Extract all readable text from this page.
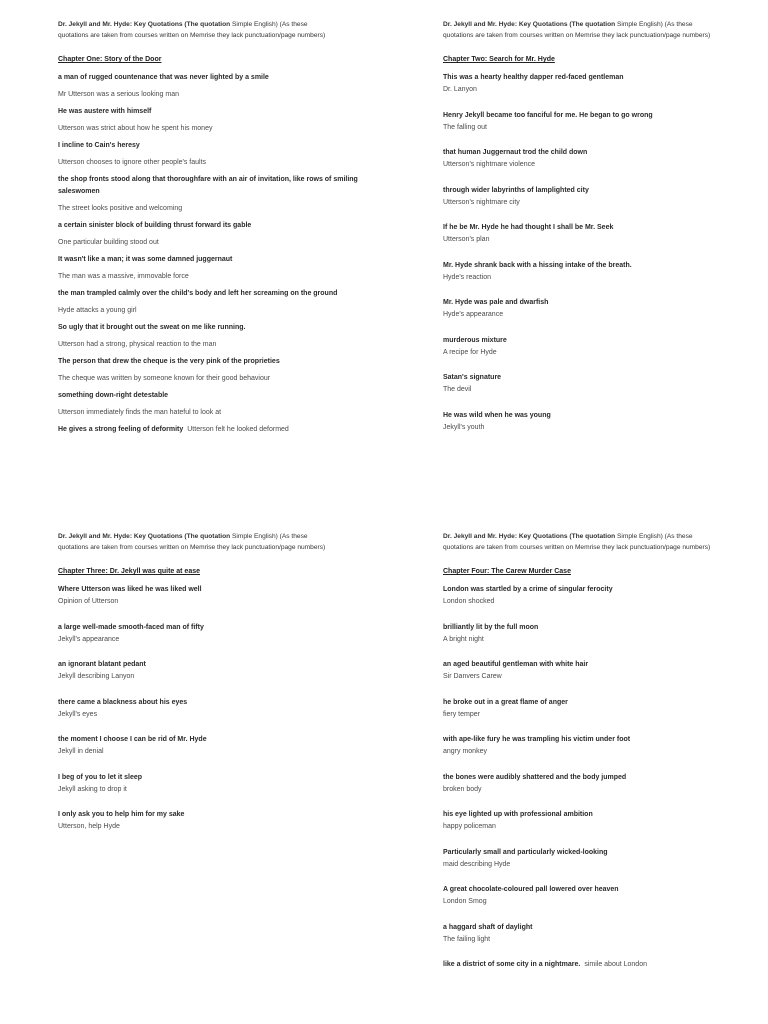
Dr. Jekyll and Mr. Hyde: Key Quotations (The quotation Simple English) (As these
quotations are taken from courses written on Memrise they lack punctuation/page numbers)

Chapter One: Story of the Door
a man of rugged countenance that was never lighted by a smile
Mr Utterson was a serious looking man
He was austere with himself
Utterson was strict about how he spent his money
I incline to Cain's heresy
Utterson chooses to ignore other people's faults
the shop fronts stood along that thoroughfare with an air of invitation, like rows of smiling saleswomen
The street looks positive and welcoming
a certain sinister block of building thrust forward its gable
One particular building stood out
It wasn't like a man; it was some damned juggernaut
The man was a massive, immovable force
the man trampled calmly over the child's body and left her screaming on the ground
Hyde attacks a young girl
So ugly that it brought out the sweat on me like running.
Utterson had a strong, physical reaction to the man
The person that drew the cheque is the very pink of the proprieties
The cheque was written by someone known for their good behaviour
something down-right detestable
Utterson immediately finds the man hateful to look at
He gives a strong feeling of deformity Utterson felt he looked deformed

Dr. Jekyll and Mr. Hyde: Key Quotations (The quotation Simple English) (As these
quotations are taken from courses written on Memrise they lack punctuation/page numbers)

Chapter Two: Search for Mr. Hyde
This was a hearty healthy dapper red-faced gentleman
Dr. Lanyon
Henry Jekyll became too fanciful for me. He began to go wrong
The falling out
that human Juggernaut trod the child down
Utterson's nightmare violence
through wider labyrinths of lamplighted city
Utterson's nightmare city
If he be Mr. Hyde he had thought I shall be Mr. Seek
Utterson's plan
Mr. Hyde shrank back with a hissing intake of the breath.
Hyde's reaction
Mr. Hyde was pale and dwarfish
Hyde's appearance
murderous mixture
A recipe for Hyde
Satan's signature
The devil
He was wild when he was young
Jekyll's youth

Dr. Jekyll and Mr. Hyde: Key Quotations (The quotation Simple English) (As these
quotations are taken from courses written on Memrise they lack punctuation/page numbers)

Chapter Three: Dr. Jekyll was quite at ease
Where Utterson was liked he was liked well
Opinion of Utterson
a large well-made smooth-faced man of fifty
Jekyll's appearance
an ignorant blatant pedant
Jekyll describing Lanyon
there came a blackness about his eyes
Jekyll's eyes
the moment I choose I can be rid of Mr. Hyde
Jekyll in denial
I beg of you to let it sleep
Jekyll asking to drop it
I only ask you to help him for my sake
Utterson, help Hyde

Dr. Jekyll and Mr. Hyde: Key Quotations (The quotation Simple English) (As these
quotations are taken from courses written on Memrise they lack punctuation/page numbers)

Chapter Four: The Carew Murder Case
London was startled by a crime of singular ferocity
London shocked
brilliantly lit by the full moon
A bright night
an aged beautiful gentleman with white hair
Sir Danvers Carew
he broke out in a great flame of anger
fiery temper
with ape-like fury he was trampling his victim under foot
angry monkey
the bones were audibly shattered and the body jumped
broken body
his eye lighted up with professional ambition
happy policeman
Particularly small and particularly wicked-looking
maid describing Hyde
A great chocolate-coloured pall lowered over heaven
London Smog
a haggard shaft of daylight
The failing light
like a district of some city in a nightmare. simile about London
